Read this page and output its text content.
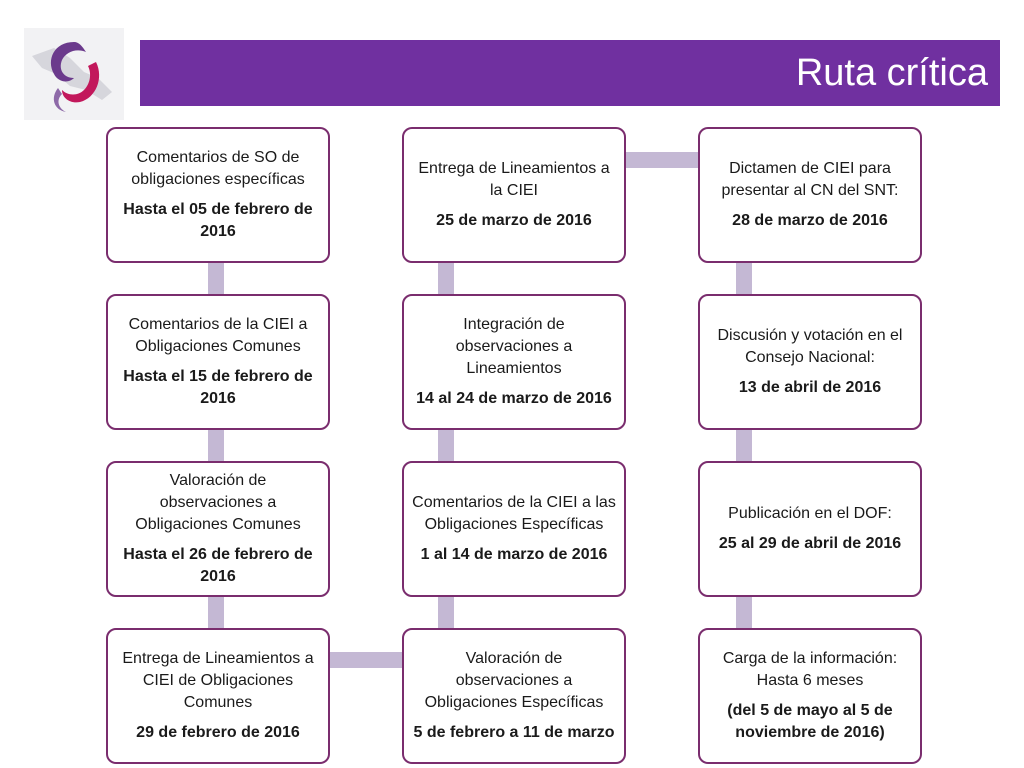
Ruta crítica
Comentarios de SO de obligaciones específicas
Hasta el 05 de febrero de 2016
Comentarios de la CIEI a Obligaciones Comunes
Hasta el 15 de febrero de 2016
Valoración de observaciones a Obligaciones Comunes
Hasta el 26 de febrero de 2016
Entrega de Lineamientos a CIEI de Obligaciones Comunes
29 de febrero de 2016
Entrega de Lineamientos a la CIEI
25 de marzo de 2016
Integración de observaciones a Lineamientos
14 al 24 de marzo de 2016
Comentarios de la CIEI a las Obligaciones Específicas
1 al 14 de marzo de 2016
Valoración de observaciones a Obligaciones Específicas
5 de febrero a 11 de marzo
Dictamen de CIEI para presentar al CN del SNT:
28 de marzo de 2016
Discusión y votación en el Consejo Nacional:
13 de abril de 2016
Publicación en el DOF:
25 al 29 de abril de 2016
Carga de la información: Hasta 6 meses
(del 5 de mayo al 5 de noviembre de 2016)
